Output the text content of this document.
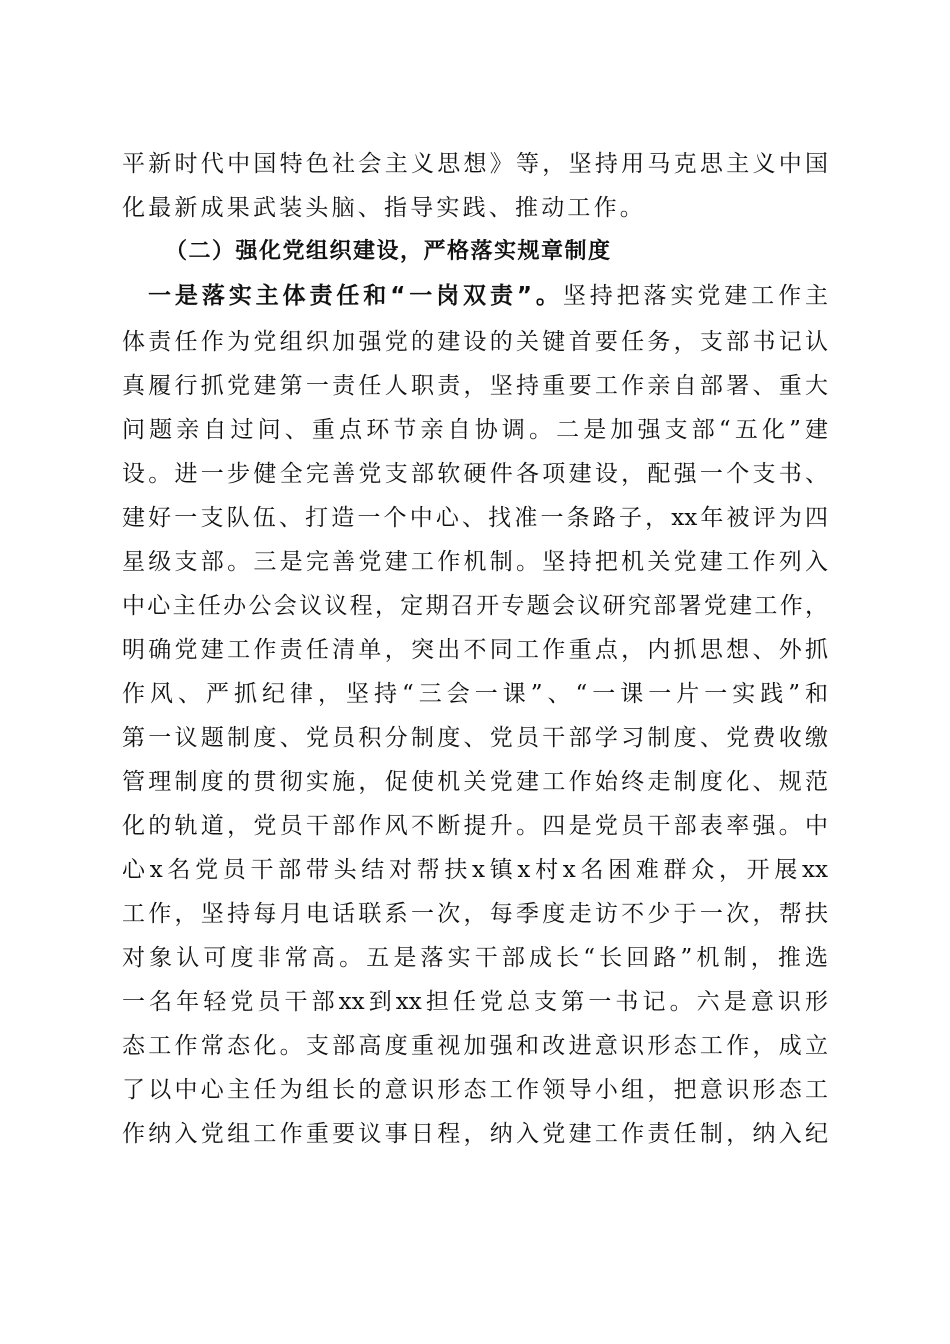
平新时代中国特色社会主义思想》等，坚持用马克思主义中国
化最新成果武装头脑、指导实践、推动工作。
（二）强化党组织建设，严格落实规章制度
一是落实主体责任和“一岗双责”。坚持把落实党建工作主
体责任作为党组织加强党的建设的关键首要任务，支部书记认
真履行抓党建第一责任人职责，坚持重要工作亲自部署、重大
问题亲自过问、重点环节亲自协调。二是加强支部“五化”建
设。进一步健全完善党支部软硬件各项建设，配强一个支书、
建好一支队伍、打造一个中心、找准一条路子，xx年被评为四
星级支部。三是完善党建工作机制。坚持把机关党建工作列入
中心主任办公会议议程，定期召开专题会议研究部署党建工作，
明确党建工作责任清单，突出不同工作重点，内抓思想、外抓
作风、严抓纪律，坚持“三会一课”、“一课一片一实践”和
第一议题制度、党员积分制度、党员干部学习制度、党费收缴
管理制度的贯彻实施，促使机关党建工作始终走制度化、规范
化的轨道，党员干部作风不断提升。四是党员干部表率强。中
心x名党员干部带头结对帮扶x镇x村x名困难群众，开展xx
工作，坚持每月电话联系一次，每季度走访不少于一次，帮扶
对象认可度非常高。五是落实干部成长“长回路”机制，推选
一名年轻党员干部xx到xx担任党总支第一书记。六是意识形
态工作常态化。支部高度重视加强和改进意识形态工作，成立
了以中心主任为组长的意识形态工作领导小组，把意识形态工
作纳入党组工作重要议事日程，纳入党建工作责任制，纳入纪
